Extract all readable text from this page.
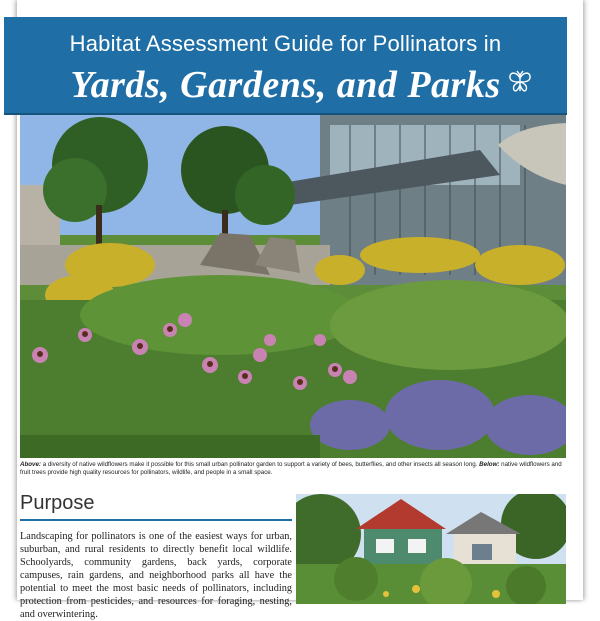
Habitat Assessment Guide for Pollinators in
Yards, Gardens, and Parks
Above: a diversity of native wildflowers make it possible for this small urban pollinator garden to support a variety of bees, butterflies, and other insects all season long. Below: native wildflowers and fruit trees provide high quality resources for pollinators, wildlife, and people in a small space.
Purpose
Landscaping for pollinators is one of the easiest ways for urban, suburban, and rural residents to directly benefit local wildlife. Schoolyards, community gardens, back yards, corporate campuses, rain gardens, and neighborhood parks all have the potential to meet the most basic needs of pollinators, including protection from pesticides, and resources for foraging, nesting, and overwintering.
